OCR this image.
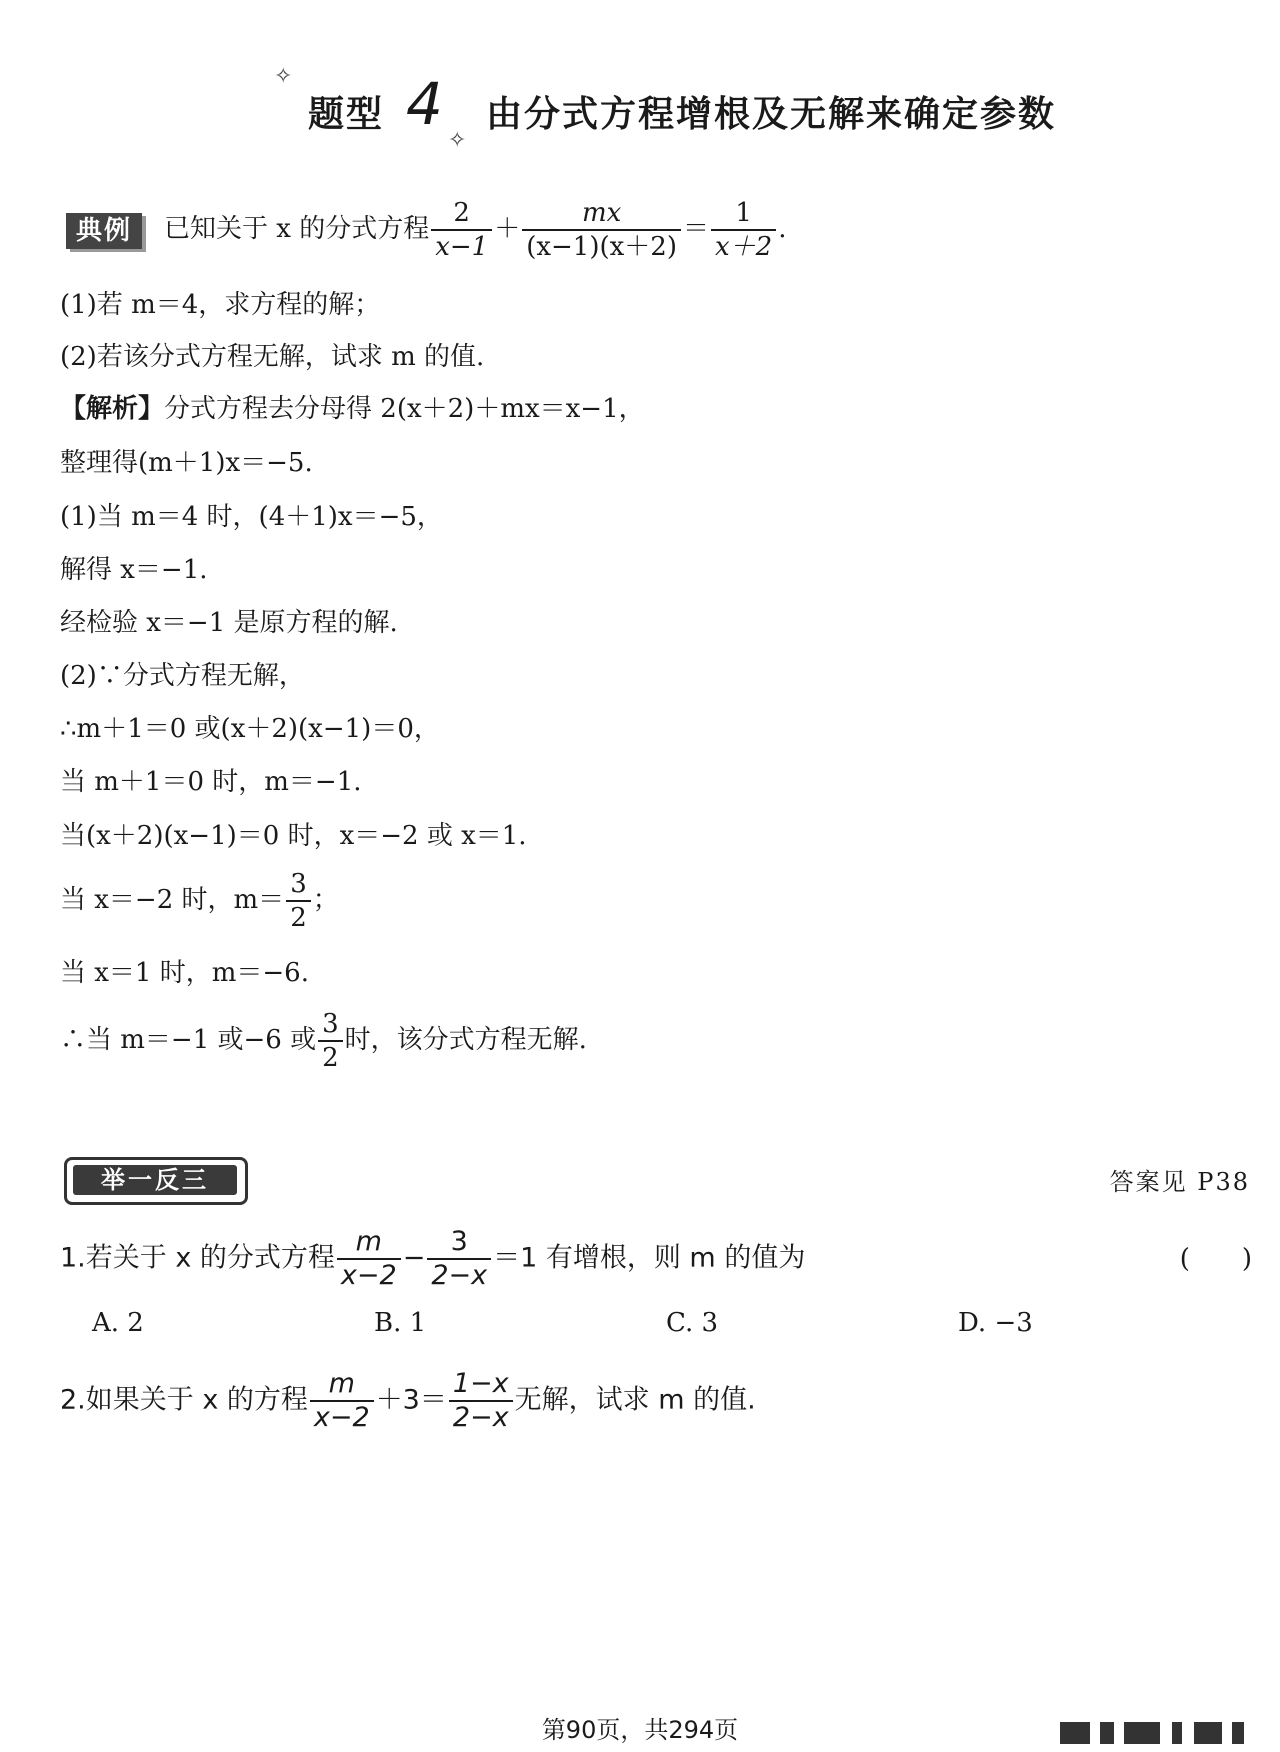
✧
题型 4
✧
由分式方程增根及无解来确定参数
典例	已知关于 x 的分式方程 $\frac{2}{x-1} + \frac{mx}{(x-1)(x+2)} = \frac{1}{x+2}$ .
(1)若 m＝4，求方程的解；
(2)若该分式方程无解，试求 m 的值.
【解析】分式方程去分母得 2(x＋2)＋mx＝x−1，
整理得(m＋1)x＝−5.
(1)当 m＝4 时，(4＋1)x＝−5，
解得 x＝−1.
经检验 x＝−1 是原方程的解.
(2)∵分式方程无解，
∴m＋1＝0 或(x＋2)(x−1)＝0，
当 m＋1＝0 时，m＝−1.
当(x＋2)(x−1)＝0 时，x＝−2 或 x＝1.
当 x＝−2 时，$m= \frac{3}{2}$ ；
当 x＝1 时，m＝−6.
∴当 m＝−1 或−6 或 $\frac{3}{2}$ 时，该分式方程无解.
举一反三	答案见 P38
1.若关于 x 的分式方程 $\frac{m}{x-2} - \frac{3}{2-x} =1$ 有增根，则 m 的值为	(　　)
A. 2	B. 1	C. 3	D. −3
2.如果关于 x 的方程 $\frac{m}{x-2} +3= \frac{1-x}{2-x}$ 无解，试求 m 的值.
第90页，共294页
